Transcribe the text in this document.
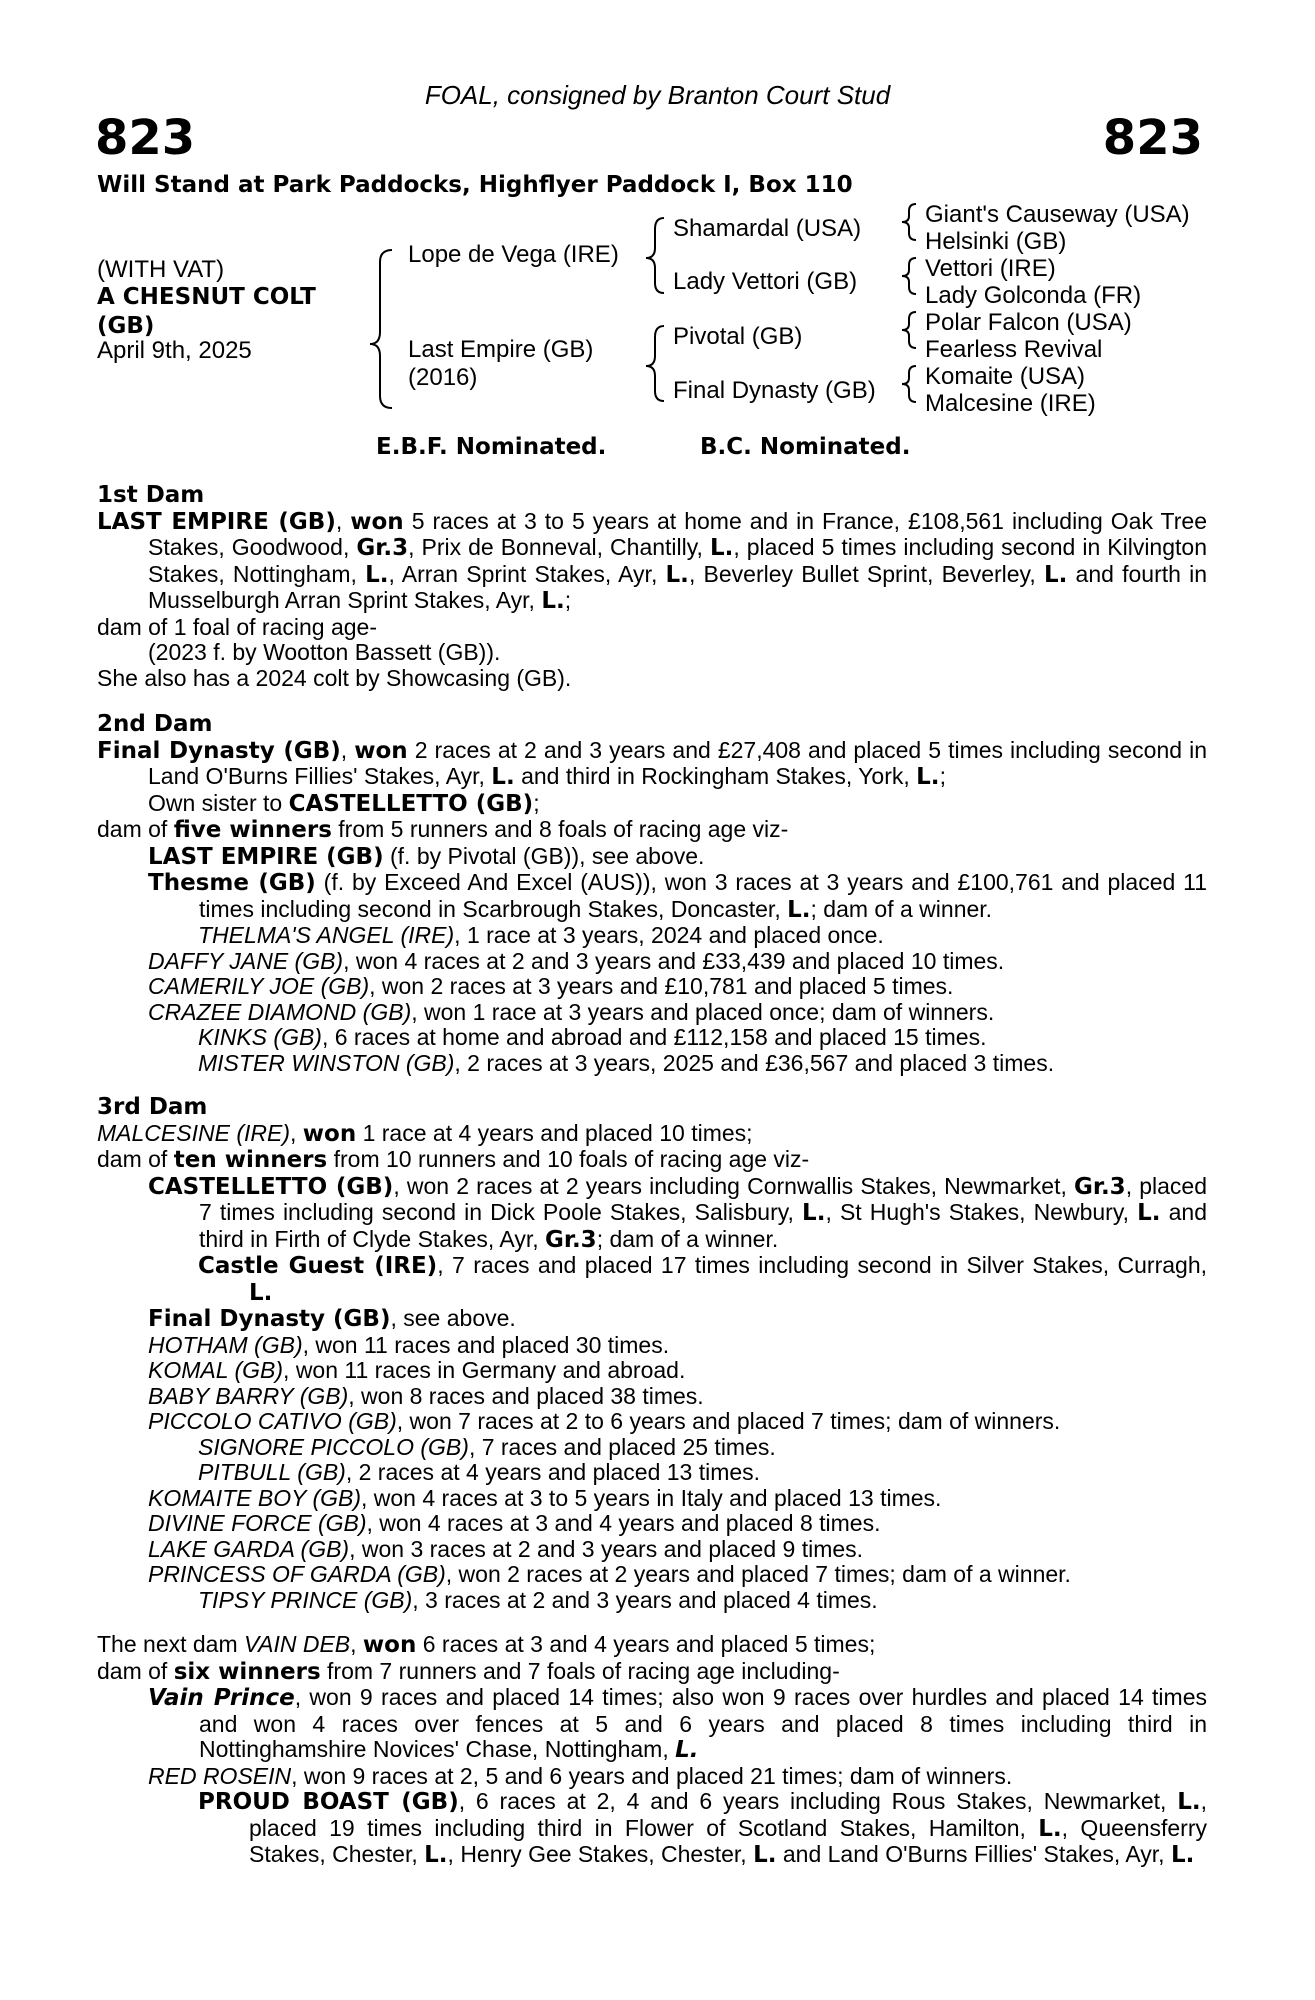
FOAL, consigned by Branton Court Stud
823	823
Will Stand at Park Paddocks, Highflyer Paddock I, Box 110
(WITH VAT)
A CHESNUT COLT (GB)
April 9th, 2025
Lope de Vega (IRE)
Last Empire (GB)
(2016)
Shamardal (USA)
Lady Vettori (GB)
Pivotal (GB)
Final Dynasty (GB)
Giant's Causeway (USA)
Helsinki (GB)
Vettori (IRE)
Lady Golconda (FR)
Polar Falcon (USA)
Fearless Revival
Komaite (USA)
Malcesine (IRE)
E.B.F. Nominated.	B.C. Nominated.

1st Dam

LAST EMPIRE (GB), won 5 races at 3 to 5 years at home and in France, £108,561 including Oak Tree Stakes, Goodwood, Gr.3, Prix de Bonneval, Chantilly, L., placed 5 times including second in Kilvington Stakes, Nottingham, L., Arran Sprint Stakes, Ayr, L., Beverley Bullet Sprint, Beverley, L. and fourth in Musselburgh Arran Sprint Stakes, Ayr, L.;

dam of 1 foal of racing age-

(2023 f. by Wootton Bassett (GB)).

She also has a 2024 colt by Showcasing (GB).

2nd Dam

Final Dynasty (GB), won 2 races at 2 and 3 years and £27,408 and placed 5 times including second in Land O'Burns Fillies' Stakes, Ayr, L. and third in Rockingham Stakes, York, L.;

Own sister to CASTELLETTO (GB);

dam of five winners from 5 runners and 8 foals of racing age viz-

LAST EMPIRE (GB) (f. by Pivotal (GB)), see above.

Thesme (GB) (f. by Exceed And Excel (AUS)), won 3 races at 3 years and £100,761 and placed 11 times including second in Scarbrough Stakes, Doncaster, L.; dam of a winner.

THELMA'S ANGEL (IRE), 1 race at 3 years, 2024 and placed once.

DAFFY JANE (GB), won 4 races at 2 and 3 years and £33,439 and placed 10 times.

CAMERILY JOE (GB), won 2 races at 3 years and £10,781 and placed 5 times.

CRAZEE DIAMOND (GB), won 1 race at 3 years and placed once; dam of winners.

KINKS (GB), 6 races at home and abroad and £112,158 and placed 15 times.

MISTER WINSTON (GB), 2 races at 3 years, 2025 and £36,567 and placed 3 times.

3rd Dam

MALCESINE (IRE), won 1 race at 4 years and placed 10 times;

dam of ten winners from 10 runners and 10 foals of racing age viz-

CASTELLETTO (GB), won 2 races at 2 years including Cornwallis Stakes, Newmarket, Gr.3, placed 7 times including second in Dick Poole Stakes, Salisbury, L., St Hugh's Stakes, Newbury, L. and third in Firth of Clyde Stakes, Ayr, Gr.3; dam of a winner.

Castle Guest (IRE), 7 races and placed 17 times including second in Silver Stakes, Curragh, L.

Final Dynasty (GB), see above.

HOTHAM (GB), won 11 races and placed 30 times.

KOMAL (GB), won 11 races in Germany and abroad.

BABY BARRY (GB), won 8 races and placed 38 times.

PICCOLO CATIVO (GB), won 7 races at 2 to 6 years and placed 7 times; dam of winners.

SIGNORE PICCOLO (GB), 7 races and placed 25 times.

PITBULL (GB), 2 races at 4 years and placed 13 times.

KOMAITE BOY (GB), won 4 races at 3 to 5 years in Italy and placed 13 times.

DIVINE FORCE (GB), won 4 races at 3 and 4 years and placed 8 times.

LAKE GARDA (GB), won 3 races at 2 and 3 years and placed 9 times.

PRINCESS OF GARDA (GB), won 2 races at 2 years and placed 7 times; dam of a winner.

TIPSY PRINCE (GB), 3 races at 2 and 3 years and placed 4 times.

The next dam VAIN DEB, won 6 races at 3 and 4 years and placed 5 times;

dam of six winners from 7 runners and 7 foals of racing age including-

Vain Prince, won 9 races and placed 14 times; also won 9 races over hurdles and placed 14 times and won 4 races over fences at 5 and 6 years and placed 8 times including third in Nottinghamshire Novices' Chase, Nottingham, L.

RED ROSEIN, won 9 races at 2, 5 and 6 years and placed 21 times; dam of winners.

PROUD BOAST (GB), 6 races at 2, 4 and 6 years including Rous Stakes, Newmarket, L., placed 19 times including third in Flower of Scotland Stakes, Hamilton, L., Queensferry Stakes, Chester, L., Henry Gee Stakes, Chester, L. and Land O'Burns Fillies' Stakes, Ayr, L.
